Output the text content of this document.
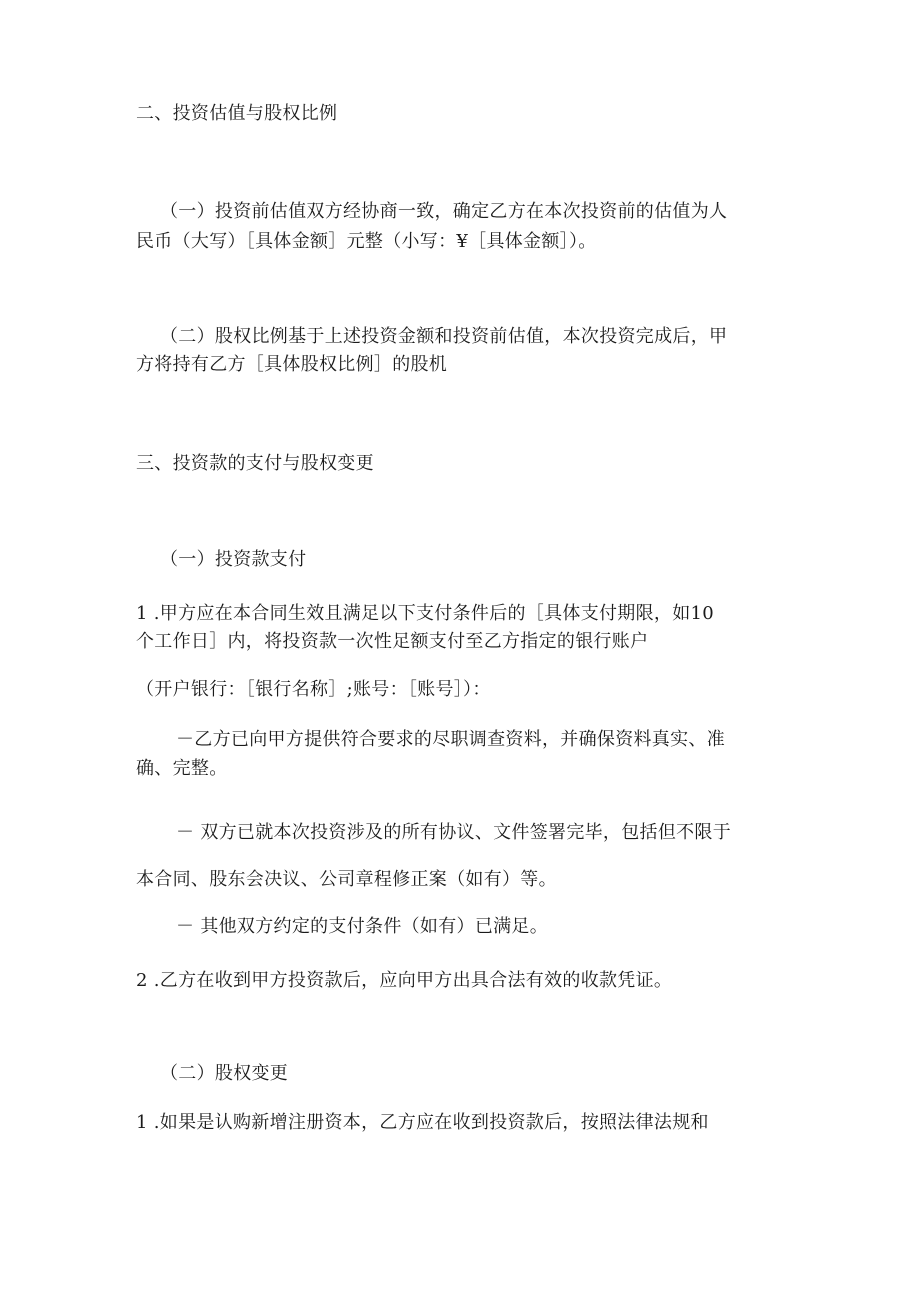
二、投资估值与股权比例
（一）投资前估值双方经协商一致，确定乙方在本次投资前的估值为人
民币（大写）［具体金额］元整（小写：¥［具体金额］）。
（二）股权比例基于上述投资金额和投资前估值，本次投资完成后，甲
方将持有乙方［具体股权比例］的股机
三、投资款的支付与股权变更
（一）投资款支付
1 .甲方应在本合同生效且满足以下支付条件后的［具体支付期限，如10
个工作日］内，将投资款一次性足额支付至乙方指定的银行账户
（开户银行：［银行名称］;账号：［账号］）：
－乙方已向甲方提供符合要求的尽职调查资料，并确保资料真实、准
确、完整。
－ 双方已就本次投资涉及的所有协议、文件签署完毕，包括但不限于
本合同、股东会决议、公司章程修正案（如有）等。
－ 其他双方约定的支付条件（如有）已满足。
2 .乙方在收到甲方投资款后，应向甲方出具合法有效的收款凭证。
（二）股权变更
1 .如果是认购新增注册资本，乙方应在收到投资款后，按照法律法规和
